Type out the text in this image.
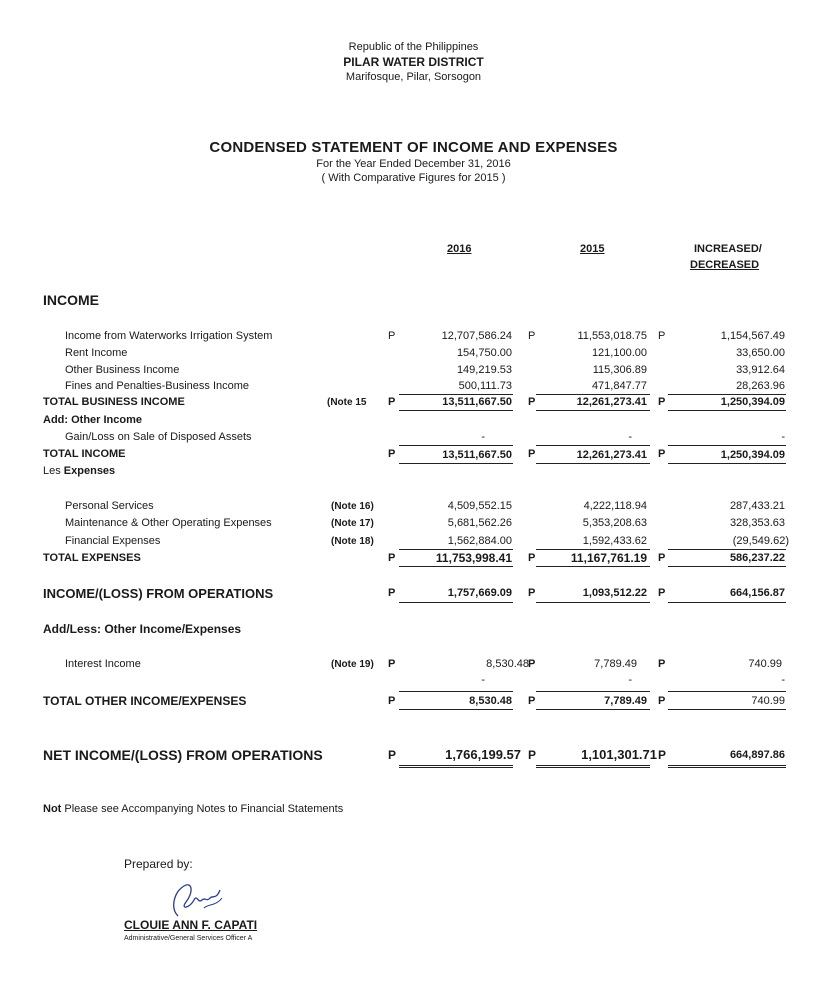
Republic of the Philippines
PILAR WATER DISTRICT
Marifosque, Pilar, Sorsogon
CONDENSED STATEMENT OF INCOME AND EXPENSES
For the Year Ended December 31, 2016
( With Comparative Figures for 2015 )
2016	2015	INCREASED/
DECREASED
INCOME
Income from Waterworks Irrigation System	P	12,707,586.24 P	11,553,018.75 P	1,154,567.49
Rent Income	154,750.00	121,100.00	33,650.00
Other Business Income	149,219.53	115,306.89	33,912.64
Fines and Penalties-Business Income	500,111.73	471,847.77	28,263.96
TOTAL BUSINESS INCOME	(Note 15 P	13,511,667.50 P	12,261,273.41 P	1,250,394.09
Add: Other Income
Gain/Loss on Sale of Disposed Assets	-	-	-
TOTAL INCOME	P	13,511,667.50 P	12,261,273.41 P	1,250,394.09
Les Expenses
Personal Services	(Note 16)	4,509,552.15	4,222,118.94	287,433.21
Maintenance & Other Operating Expenses	(Note 17)	5,681,562.26	5,353,208.63	328,353.63
Financial Expenses	(Note 18)	1,562,884.00	1,592,433.62	(29,549.62)
TOTAL EXPENSES	P	11,753,998.41 P	11,167,761.19 P	586,237.22
INCOME/(LOSS) FROM OPERATIONS	P	1,757,669.09 P	1,093,512.22 P	664,156.87
Add/Less: Other Income/Expenses
Interest Income	(Note 19) P	8,530.48 P	7,789.49 P	740.99
-	-	-
TOTAL OTHER INCOME/EXPENSES	P	8,530.48 P	7,789.49 P	740.99
NET INCOME/(LOSS) FROM OPERATIONS	P	1,766,199.57 P	1,101,301.71 P	664,897.86
Not Please see Accompanying Notes to Financial Statements
Prepared by:
CLOUIE ANN F. CAPATI
Administrative/General Services Officer A
